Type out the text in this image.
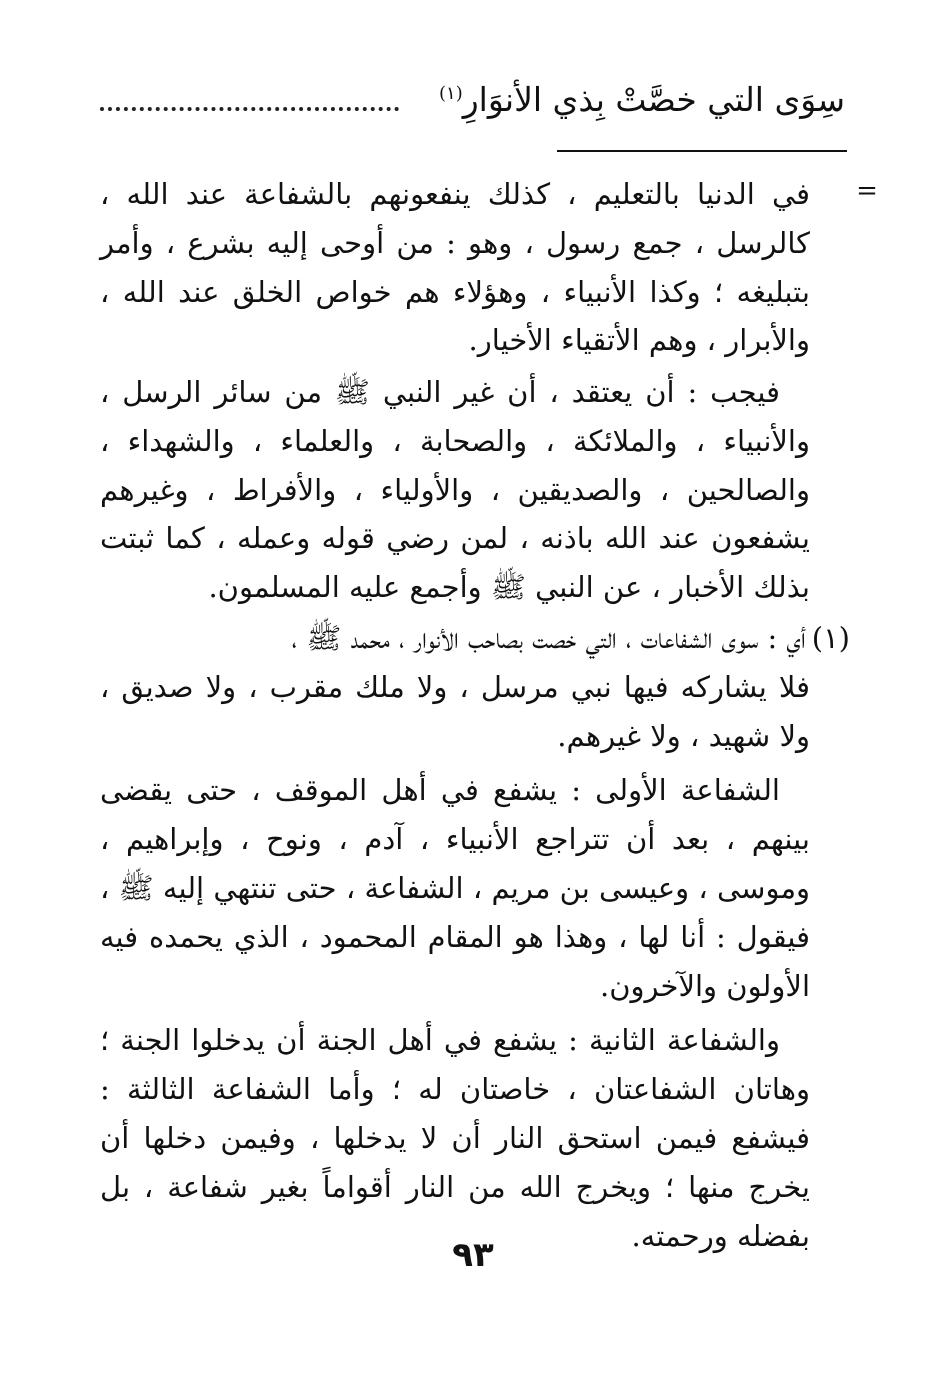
سِوَى التي خصَّتْ بِذي الأنوَارِ$^{(١)}$
=

في الدنيا بالتعليم ، كذلك ينفعونهم بالشفاعة عند الله ، كالرسل ، جمع رسول ، وهو : من أوحى إليه بشرع ، وأمر بتبليغه ؛ وكذا الأنبياء ، وهؤلاء هم خواص الخلق عند الله ، والأبرار ، وهم الأتقياء الأخيار.

فيجب : أن يعتقد ، أن غير النبي ﷺ من سائر الرسل ، والأنبياء ، والملائكة ، والصحابة ، والعلماء ، والشهداء ، والصالحين ، والصديقين ، والأولياء ، والأفراط ، وغيرهم يشفعون عند الله باذنه ، لمن رضي قوله وعمله ، كما ثبتت بذلك الأخبار ، عن النبي ﷺ وأجمع عليه المسلمون.

(١)أي : سوى الشفاعات ، التي خصت بصاحب الأنوار ، محمد ﷺ ،

فلا يشاركه فيها نبي مرسل ، ولا ملك مقرب ، ولا صديق ، ولا شهيد ، ولا غيرهم.

الشفاعة الأولى : يشفع في أهل الموقف ، حتى يقضى بينهم ، بعد أن تتراجع الأنبياء ، آدم ، ونوح ، وإبراهيم ، وموسى ، وعيسى بن مريم ، الشفاعة ، حتى تنتهي إليه ﷺ ، فيقول : أنا لها ، وهذا هو المقام المحمود ، الذي يحمده فيه الأولون والآخرون.

والشفاعة الثانية : يشفع في أهل الجنة أن يدخلوا الجنة ؛ وهاتان الشفاعتان ، خاصتان له ؛ وأما الشفاعة الثالثة : فيشفع فيمن استحق النار أن لا يدخلها ، وفيمن دخلها أن يخرج منها ؛ ويخرج الله من النار أقواماً بغير شفاعة ، بل بفضله ورحمته.

٩٣
